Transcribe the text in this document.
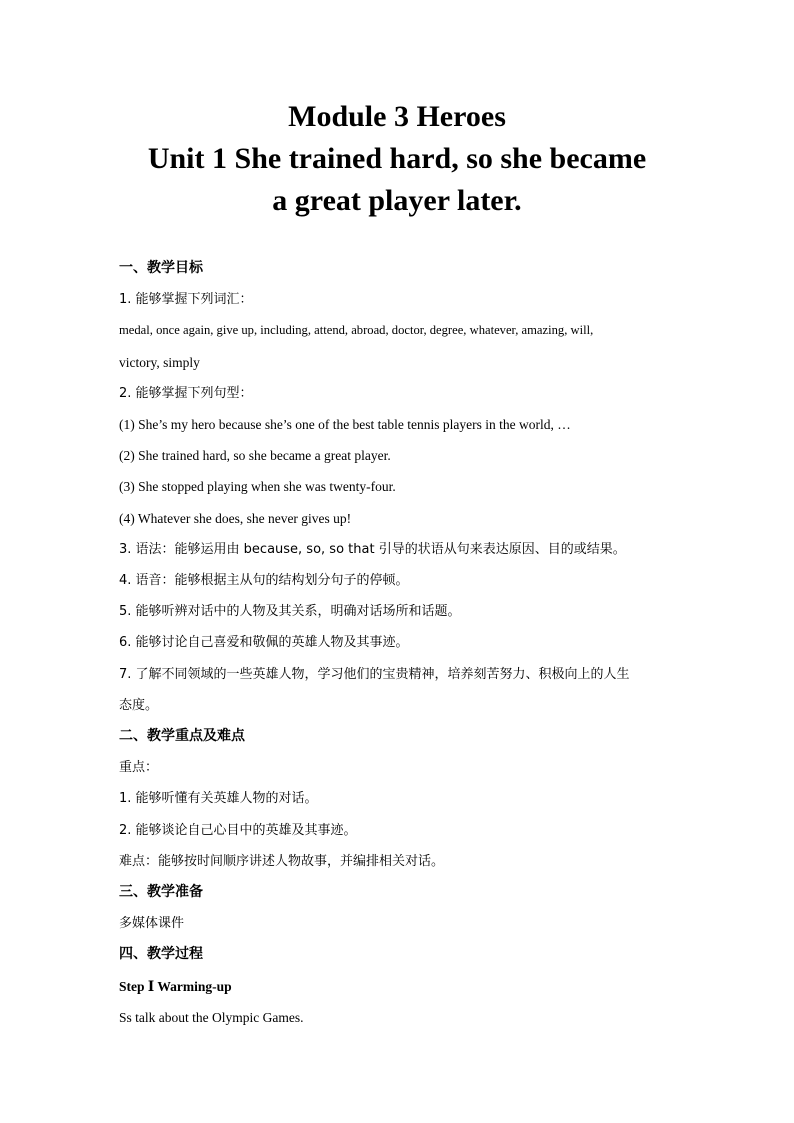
Module 3 Heroes
Unit 1 She trained hard, so she became
a great player later.
一、教学目标
1. 能够掌握下列词汇：
medal, once again, give up, including, attend, abroad, doctor, degree, whatever, amazing, will,
victory, simply
2. 能够掌握下列句型：
(1) She’s my hero because she’s one of the best table tennis players in the world, …
(2) She trained hard, so she became a great player.
(3) She stopped playing when she was twenty-four.
(4) Whatever she does, she never gives up!
3. 语法：能够运用由 because, so, so that 引导的状语从句来表达原因、目的或结果。
4. 语音：能够根据主从句的结构划分句子的停顿。
5. 能够听辨对话中的人物及其关系，明确对话场所和话题。
6. 能够讨论自己喜爱和敬佩的英雄人物及其事迹。
7. 了解不同领域的一些英雄人物，学习他们的宝贵精神，培养刻苦努力、积极向上的人生
态度。
二、教学重点及难点
重点：
1. 能够听懂有关英雄人物的对话。
2. 能够谈论自己心目中的英雄及其事迹。
难点：能够按时间顺序讲述人物故事，并编排相关对话。
三、教学准备
多媒体课件
四、教学过程
Step Ⅰ Warming-up
Ss talk about the Olympic Games.
